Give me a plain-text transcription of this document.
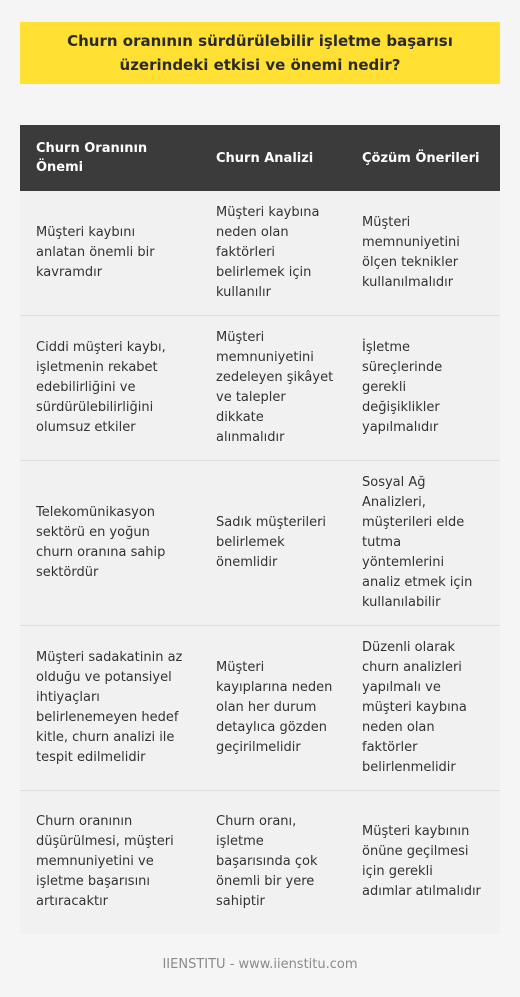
Churn oranının sürdürülebilir işletme başarısı üzerindeki etkisi ve önemi nedir?
Churn Oranının Önemi	Churn Analizi	Çözüm Önerileri
Müşteri kaybını anlatan önemli bir kavramdır	Müşteri kaybına neden olan faktörleri belirlemek için kullanılır	Müşteri memnuniyetini ölçen teknikler kullanılmalıdır
Ciddi müşteri kaybı, işletmenin rekabet edebilirliğini ve sürdürülebilirliğini olumsuz etkiler	Müşteri memnuniyetini zedeleyen şikâyet ve talepler dikkate alınmalıdır	İşletme süreçlerinde gerekli değişiklikler yapılmalıdır
Telekomünikasyon sektörü en yoğun churn oranına sahip sektördür	Sadık müşterileri belirlemek önemlidir	Sosyal Ağ Analizleri, müşterileri elde tutma yöntemlerini analiz etmek için kullanılabilir
Müşteri sadakatinin az olduğu ve potansiyel ihtiyaçları belirlenemeyen hedef kitle, churn analizi ile tespit edilmelidir	Müşteri kayıplarına neden olan her durum detaylıca gözden geçirilmelidir	Düzenli olarak churn analizleri yapılmalı ve müşteri kaybına neden olan faktörler belirlenmelidir
Churn oranının düşürülmesi, müşteri memnuniyetini ve işletme başarısını artıracaktır	Churn oranı, işletme başarısında çok önemli bir yere sahiptir	Müşteri kaybının önüne geçilmesi için gerekli adımlar atılmalıdır
IIENSTITU - www.iienstitu.com
